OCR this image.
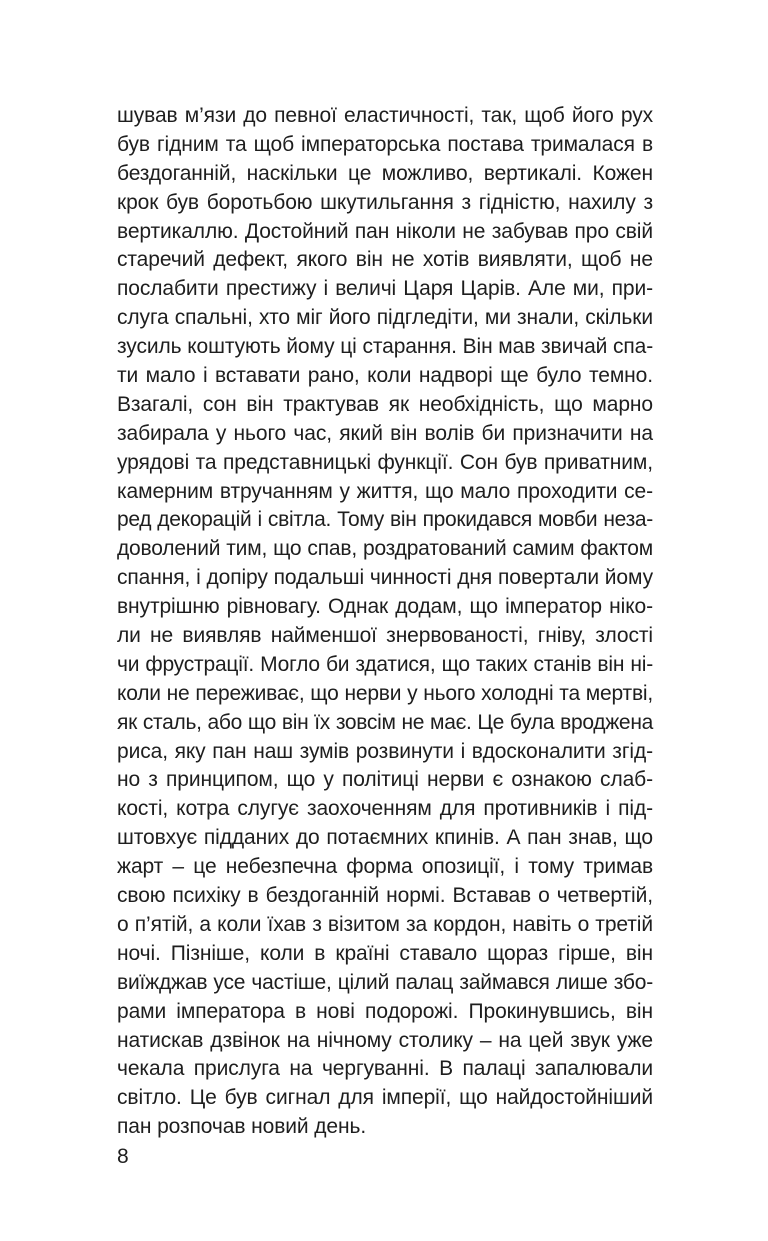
шував м’язи до певної еластичності, так, щоб його рух
був гідним та щоб імператорська постава трималася в
бездоганній, наскільки це можливо, вертикалі. Кожен
крок був боротьбою шкутильгання з гідністю, нахилу з
вертикаллю. Достойний пан ніколи не забував про свій
старечий дефект, якого він не хотів виявляти, щоб не
послабити престижу і величі Царя Царів. Але ми, при-
слуга спальні, хто міг його підгледіти, ми знали, скільки
зусиль коштують йому ці старання. Він мав звичай спа-
ти мало і вставати рано, коли надворі ще було темно.
Взагалі, сон він трактував як необхідність, що марно
забирала у нього час, який він волів би призначити на
урядові та представницькі функції. Сон був приватним,
камерним втручанням у життя, що мало проходити се-
ред декорацій і світла. Тому він прокидався мовби неза-
доволений тим, що спав, роздратований самим фактом
спання, і допіру подальші чинності дня повертали йому
внутрішню рівновагу. Однак додам, що імператор ніко-
ли не виявляв найменшої знервованості, гніву, злості
чи фрустрації. Могло би здатися, що таких станів він ні-
коли не переживає, що нерви у нього холодні та мертві,
як сталь, або що він їх зовсім не має. Це була вроджена
риса, яку пан наш зумів розвинути і вдосконалити згід-
но з принципом, що у політиці нерви є ознакою слаб-
кості, котра слугує заохоченням для противників і під-
штовхує підданих до потаємних кпинів. А пан знав, що
жарт – це небезпечна форма опозиції, і тому тримав
свою психіку в бездоганній нормі. Вставав о четвертій,
о п’ятій, а коли їхав з візитом за кордон, навіть о третій
ночі. Пізніше, коли в країні ставало щораз гірше, він
виїжджав усе частіше, цілий палац займався лише збо-
рами імператора в нові подорожі. Прокинувшись, він
натискав дзвінок на нічному столику – на цей звук уже
чекала прислуга на чергуванні. В палаці запалювали
світло. Це був сигнал для імперії, що найдостойніший
пан розпочав новий день.
8
